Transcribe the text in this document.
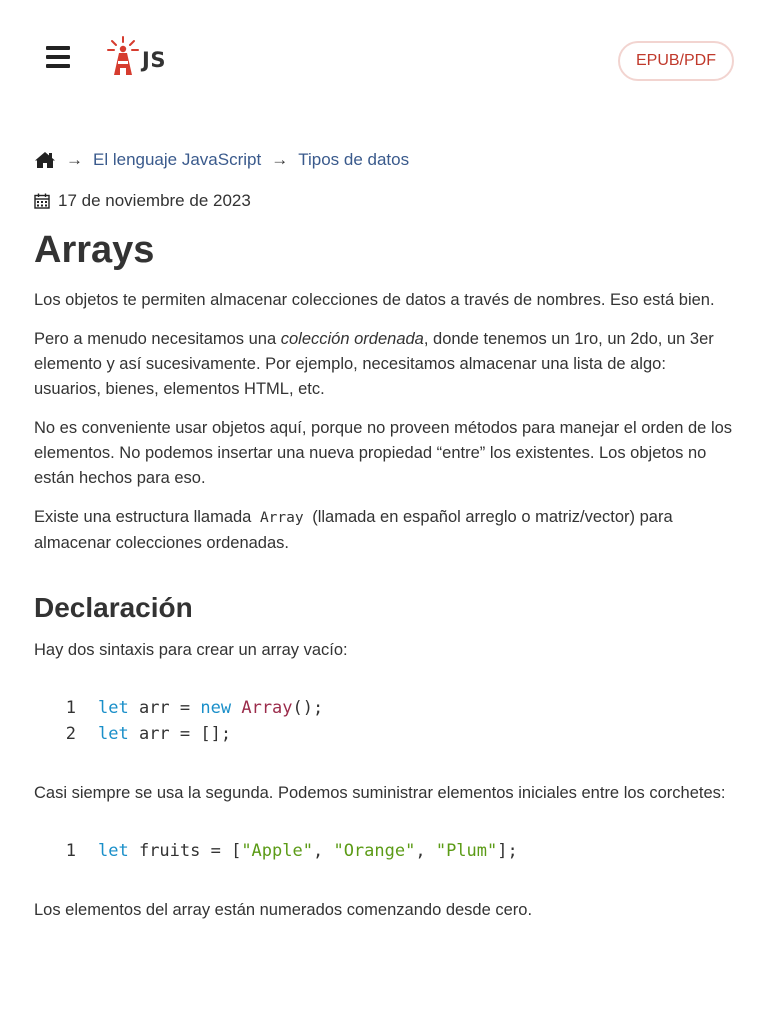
JS	EPUB/PDF
→ El lenguaje JavaScript → Tipos de datos
17 de noviembre de 2023
Arrays

Los objetos te permiten almacenar colecciones de datos a través de nombres. Eso está bien.

Pero a menudo necesitamos una colección ordenada, donde tenemos un 1ro, un 2do, un 3er elemento y así sucesivamente. Por ejemplo, necesitamos almacenar una lista de algo: usuarios, bienes, elementos HTML, etc.

No es conveniente usar objetos aquí, porque no proveen métodos para manejar el orden de los elementos. No podemos insertar una nueva propiedad “entre” los existentes. Los objetos no están hechos para eso.

Existe una estructura llamada Array (llamada en español arreglo o matriz/vector) para almacenar colecciones ordenadas.

Declaración

Hay dos sintaxis para crear un array vacío:

1	let arr = new
Array ();
2	let arr = [];

Casi siempre se usa la segunda. Podemos suministrar elementos iniciales entre los corchetes:

1	let fruits = [ "Apple" , "Orange" , "Plum" ];

Los elementos del array están numerados comenzando desde cero.
